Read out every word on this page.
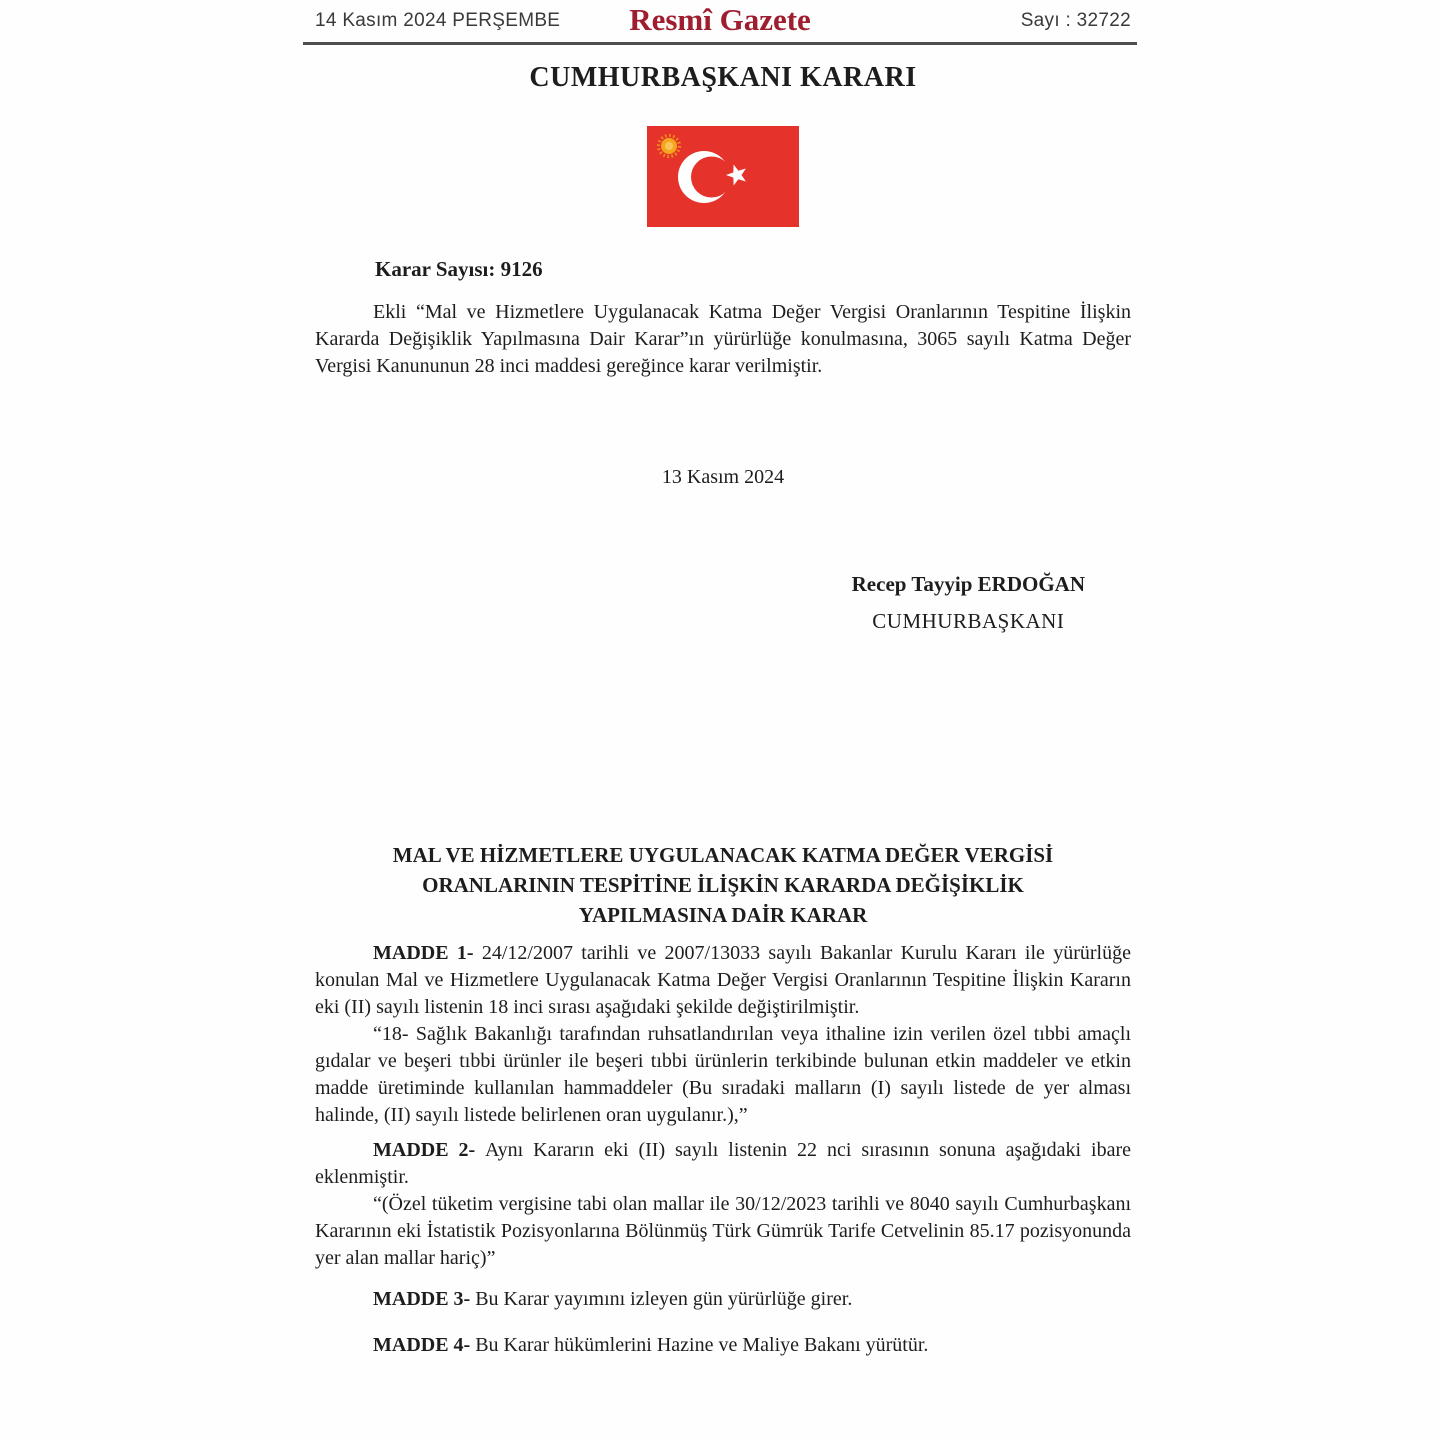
14 Kasım 2024 PERŞEMBE Resmî Gazete	Sayı : 32722
CUMHURBAŞKANI KARARI

Karar Sayısı: 9126

Ekli “Mal ve Hizmetlere Uygulanacak Katma Değer Vergisi Oranlarının Tespitine İlişkin Kararda Değişiklik Yapılmasına Dair Karar”ın yürürlüğe konulmasına, 3065 sayılı Katma Değer Vergisi Kanununun 28 inci maddesi gereğince karar verilmiştir.

13 Kasım 2024

Recep Tayyip ERDOĞAN
CUMHURBAŞKANI
MAL VE HİZMETLERE UYGULANACAK KATMA DEĞER VERGİSİ
ORANLARININ TESPİTİNE İLİŞKİN KARARDA DEĞİŞİKLİK
YAPILMASINA DAİR KARAR

MADDE 1- 24/12/2007 tarihli ve 2007/13033 sayılı Bakanlar Kurulu Kararı ile yürürlüğe konulan Mal ve Hizmetlere Uygulanacak Katma Değer Vergisi Oranlarının Tespitine İlişkin Kararın eki (II) sayılı listenin 18 inci sırası aşağıdaki şekilde değiştirilmiştir.

“18- Sağlık Bakanlığı tarafından ruhsatlandırılan veya ithaline izin verilen özel tıbbi amaçlı gıdalar ve beşeri tıbbi ürünler ile beşeri tıbbi ürünlerin terkibinde bulunan etkin maddeler ve etkin madde üretiminde kullanılan hammaddeler (Bu sıradaki malların (I) sayılı listede de yer alması halinde, (II) sayılı listede belirlenen oran uygulanır.),”

MADDE 2- Aynı Kararın eki (II) sayılı listenin 22 nci sırasının sonuna aşağıdaki ibare eklenmiştir.

“(Özel tüketim vergisine tabi olan mallar ile 30/12/2023 tarihli ve 8040 sayılı Cumhurbaşkanı Kararının eki İstatistik Pozisyonlarına Bölünmüş Türk Gümrük Tarife Cetvelinin 85.17 pozisyonunda yer alan mallar hariç)”

MADDE 3- Bu Karar yayımını izleyen gün yürürlüğe girer.

MADDE 4- Bu Karar hükümlerini Hazine ve Maliye Bakanı yürütür.
